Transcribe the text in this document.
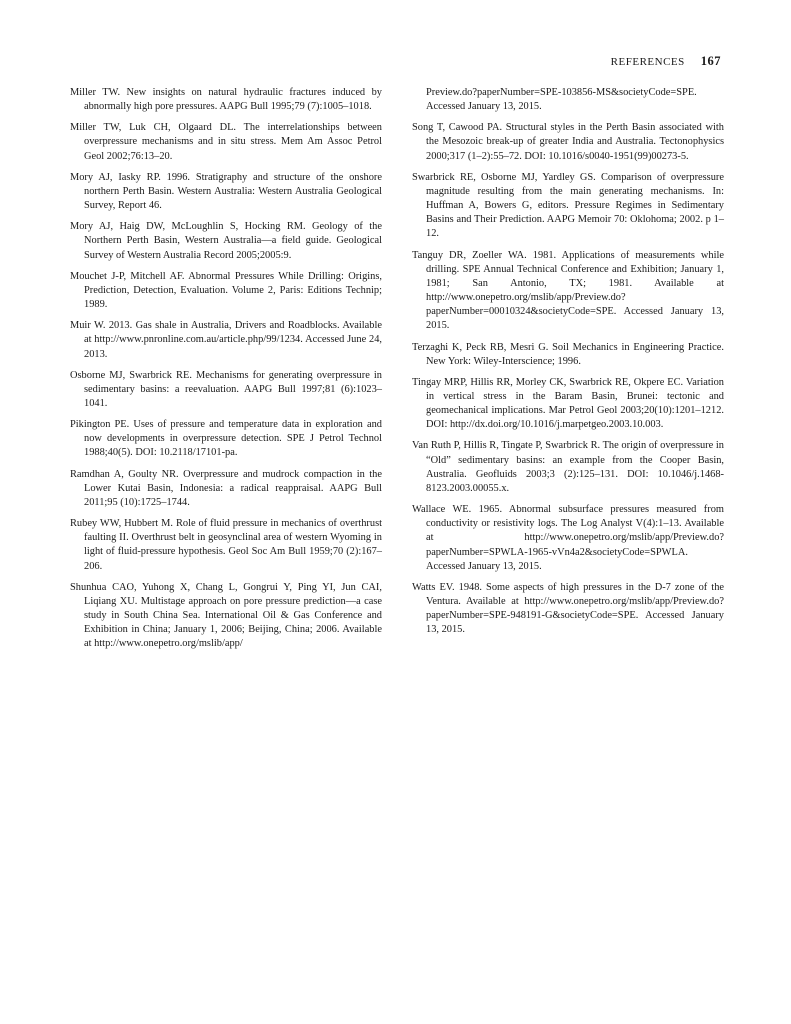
REFERENCES 167

Miller TW. New insights on natural hydraulic fractures induced by abnormally high pore pressures. AAPG Bull 1995;79 (7):1005–1018.

Miller TW, Luk CH, Olgaard DL. The interrelationships between overpressure mechanisms and in situ stress. Mem Am Assoc Petrol Geol 2002;76:13–20.

Mory AJ, Iasky RP. 1996. Stratigraphy and structure of the onshore northern Perth Basin. Western Australia: Western Australia Geological Survey, Report 46.

Mory AJ, Haig DW, McLoughlin S, Hocking RM. Geology of the Northern Perth Basin, Western Australia—a field guide. Geological Survey of Western Australia Record 2005;2005:9.

Mouchet J-P, Mitchell AF. Abnormal Pressures While Drilling: Origins, Prediction, Detection, Evaluation. Volume 2, Paris: Editions Technip; 1989.

Muir W. 2013. Gas shale in Australia, Drivers and Roadblocks. Available at http://www.pnronline.com.au/article.php/99/1234. Accessed June 24, 2013.

Osborne MJ, Swarbrick RE. Mechanisms for generating overpressure in sedimentary basins: a reevaluation. AAPG Bull 1997;81 (6):1023–1041.

Pikington PE. Uses of pressure and temperature data in exploration and now developments in overpressure detection. SPE J Petrol Technol 1988;40(5). DOI: 10.2118/17101-pa.

Ramdhan A, Goulty NR. Overpressure and mudrock compaction in the Lower Kutai Basin, Indonesia: a radical reappraisal. AAPG Bull 2011;95 (10):1725–1744.

Rubey WW, Hubbert M. Role of fluid pressure in mechanics of overthrust faulting II. Overthrust belt in geosynclinal area of western Wyoming in light of fluid-pressure hypothesis. Geol Soc Am Bull 1959;70 (2):167–206.

Shunhua CAO, Yuhong X, Chang L, Gongrui Y, Ping YI, Jun CAI, Liqiang XU. Multistage approach on pore pressure prediction—a case study in South China Sea. International Oil & Gas Conference and Exhibition in China; January 1, 2006; Beijing, China; 2006. Available at http://www.onepetro.org/mslib/app/

Preview.do?paperNumber=SPE-103856-MS&societyCode=SPE. Accessed January 13, 2015.

Song T, Cawood PA. Structural styles in the Perth Basin associated with the Mesozoic break-up of greater India and Australia. Tectonophysics 2000;317 (1–2):55–72. DOI: 10.1016/s0040-1951(99)00273-5.

Swarbrick RE, Osborne MJ, Yardley GS. Comparison of overpressure magnitude resulting from the main generating mechanisms. In: Huffman A, Bowers G, editors. Pressure Regimes in Sedimentary Basins and Their Prediction. AAPG Memoir 70: Oklohoma; 2002. p 1–12.

Tanguy DR, Zoeller WA. 1981. Applications of measurements while drilling. SPE Annual Technical Conference and Exhibition; January 1, 1981; San Antonio, TX; 1981. Available at http://www.onepetro.org/mslib/app/Preview.do?paperNumber=00010324&societyCode=SPE. Accessed January 13, 2015.

Terzaghi K, Peck RB, Mesri G. Soil Mechanics in Engineering Practice. New York: Wiley-Interscience; 1996.

Tingay MRP, Hillis RR, Morley CK, Swarbrick RE, Okpere EC. Variation in vertical stress in the Baram Basin, Brunei: tectonic and geomechanical implications. Mar Petrol Geol 2003;20(10):1201–1212. DOI: http://dx.doi.org/10.1016/j.marpetgeo.2003.10.003.

Van Ruth P, Hillis R, Tingate P, Swarbrick R. The origin of overpressure in “Old” sedimentary basins: an example from the Cooper Basin, Australia. Geofluids 2003;3 (2):125–131. DOI: 10.1046/j.1468-8123.2003.00055.x.

Wallace WE. 1965. Abnormal subsurface pressures measured from conductivity or resistivity logs. The Log Analyst V(4):1–13. Available at http://www.onepetro.org/mslib/app/Preview.do?paperNumber=SPWLA-1965-vVn4a2&societyCode=SPWLA. Accessed January 13, 2015.

Watts EV. 1948. Some aspects of high pressures in the D-7 zone of the Ventura. Available at http://www.onepetro.org/mslib/app/Preview.do?paperNumber=SPE-948191-G&societyCode=SPE. Accessed January 13, 2015.
